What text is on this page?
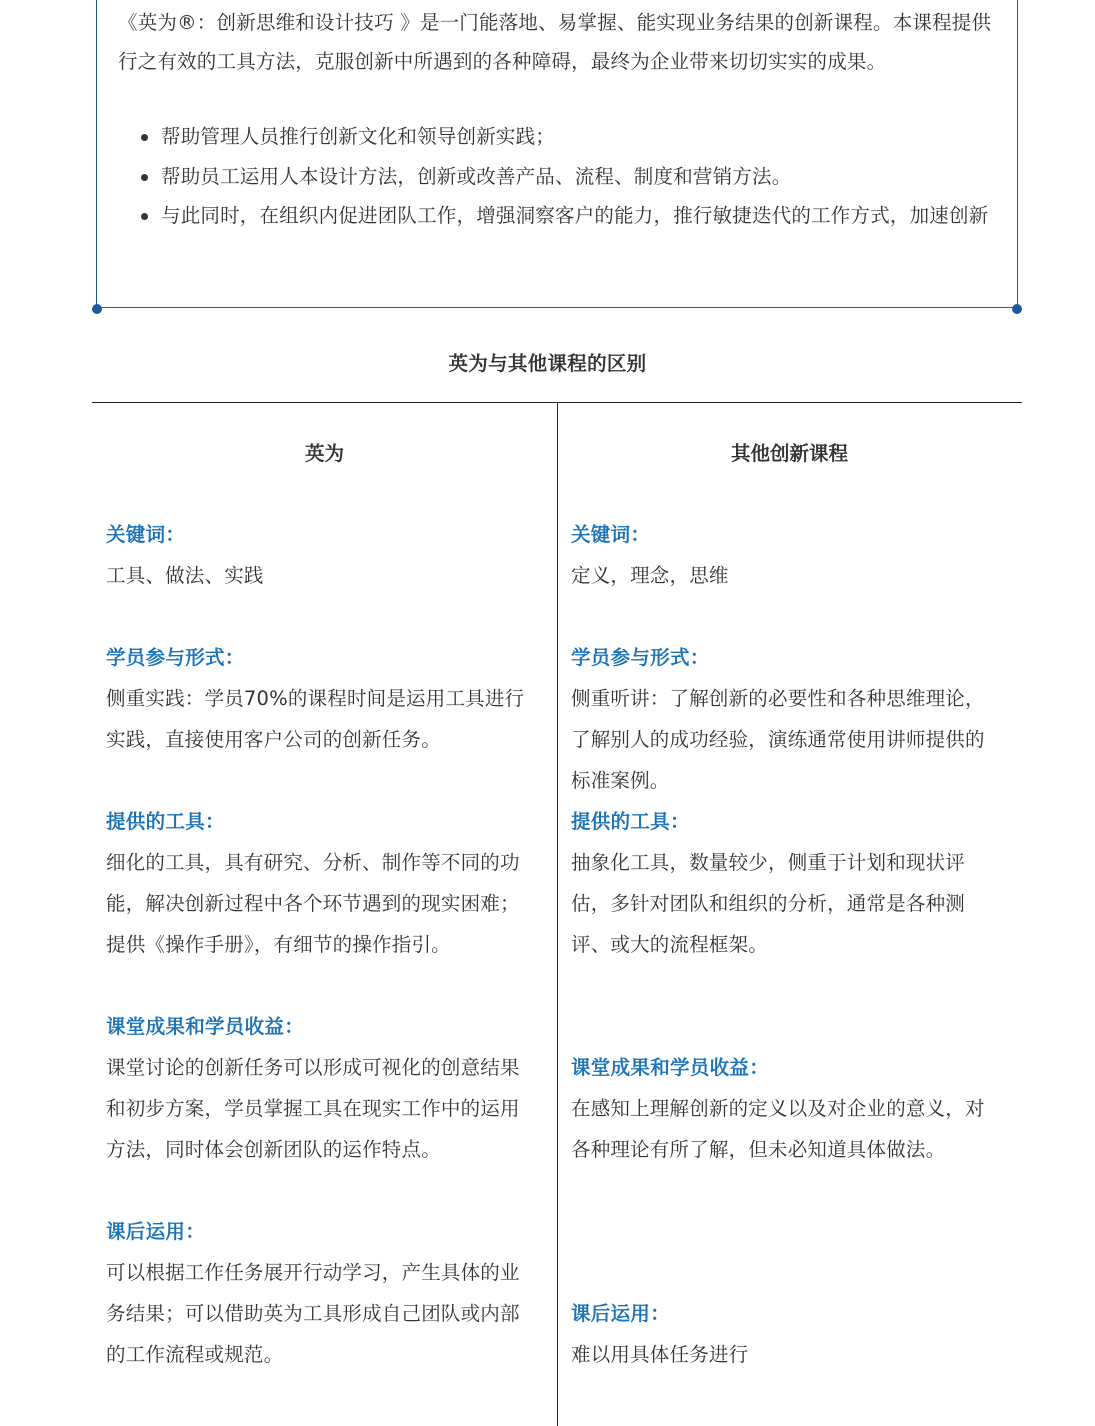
《英为®：创新思维和设计技巧 》是一门能落地、易掌握、能实现业务结果的创新课程。本课程提供行之有效的工具方法，克服创新中所遇到的各种障碍，最终为企业带来切切实实的成果。

帮助管理人员推行创新文化和领导创新实践；
帮助员工运用人本设计方法，创新或改善产品、流程、制度和营销方法。
与此同时，在组织内促进团队工作，增强洞察客户的能力，推行敏捷迭代的工作方式，加速创新
英为与其他课程的区别
英为	其他创新课程
关键词：
工具、做法、实践
学员参与形式：
侧重实践：学员70%的课程时间是运用工具进行实践，直接使用客户公司的创新任务。
提供的工具：
细化的工具，具有研究、分析、制作等不同的功能，解决创新过程中各个环节遇到的现实困难；提供《操作手册》，有细节的操作指引。
课堂成果和学员收益：
课堂讨论的创新任务可以形成可视化的创意结果和初步方案，学员掌握工具在现实工作中的运用方法，同时体会创新团队的运作特点。
课后运用：
可以根据工作任务展开行动学习，产生具体的业务结果；可以借助英为工具形成自己团队或内部的工作流程或规范。
关键词：
定义，理念，思维
学员参与形式：
侧重听讲：了解创新的必要性和各种思维理论，了解别人的成功经验，演练通常使用讲师提供的标准案例。
提供的工具：
抽象化工具，数量较少，侧重于计划和现状评估，多针对团队和组织的分析，通常是各种测评、或大的流程框架。
课堂成果和学员收益：
在感知上理解创新的定义以及对企业的意义，对各种理论有所了解，但未必知道具体做法。
课后运用：
难以用具体任务进行
